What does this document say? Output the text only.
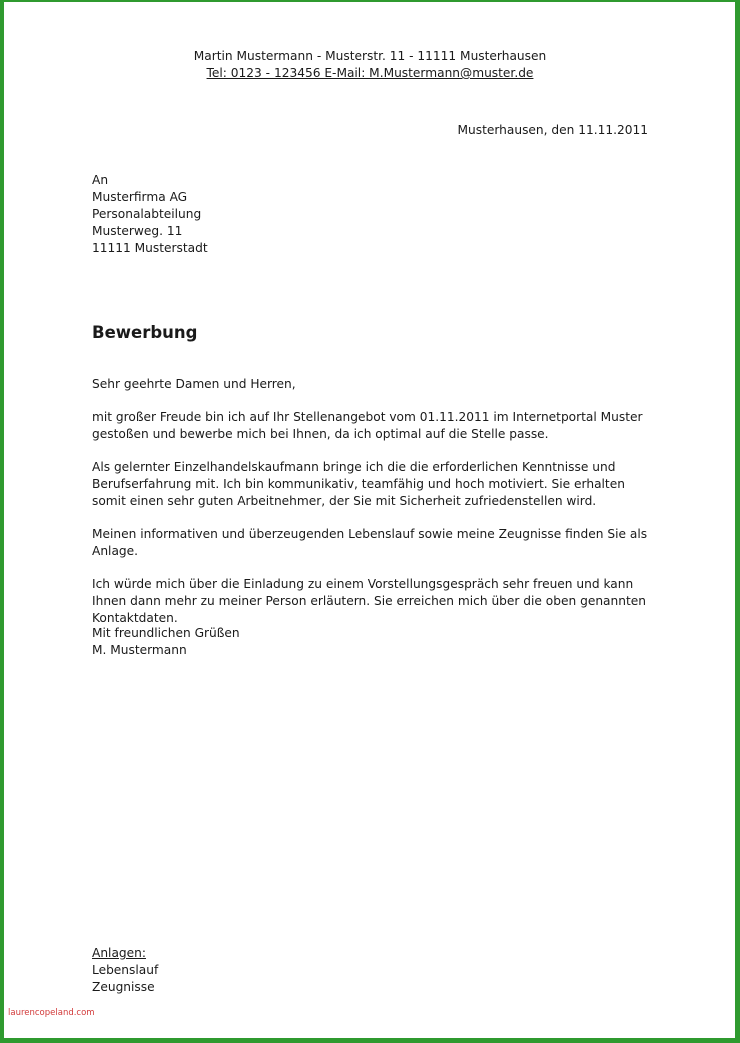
Martin Mustermann - Musterstr. 11 - 11111 Musterhausen
Tel: 0123 - 123456 E-Mail: M.Mustermann@muster.de
Musterhausen, den 11.11.2011
An
Musterfirma AG
Personalabteilung
Musterweg. 11
11111 Musterstadt
Bewerbung

Sehr geehrte Damen und Herren,

mit großer Freude bin ich auf Ihr Stellenangebot vom 01.11.2011 im Internetportal Muster gestoßen und bewerbe mich bei Ihnen, da ich optimal auf die Stelle passe.

Als gelernter Einzelhandelskaufmann bringe ich die die erforderlichen Kenntnisse und Berufserfahrung mit. Ich bin kommunikativ, teamfähig und hoch motiviert. Sie erhalten somit einen sehr guten Arbeitnehmer, der Sie mit Sicherheit zufriedenstellen wird.

Meinen informativen und überzeugenden Lebenslauf sowie meine Zeugnisse finden Sie als Anlage.

Ich würde mich über die Einladung zu einem Vorstellungsgespräch sehr freuen und kann Ihnen dann mehr zu meiner Person erläutern. Sie erreichen mich über die oben genannten Kontaktdaten.

Mit freundlichen Grüßen
M. Mustermann
Anlagen:
Lebenslauf
Zeugnisse
laurencopeland.com
